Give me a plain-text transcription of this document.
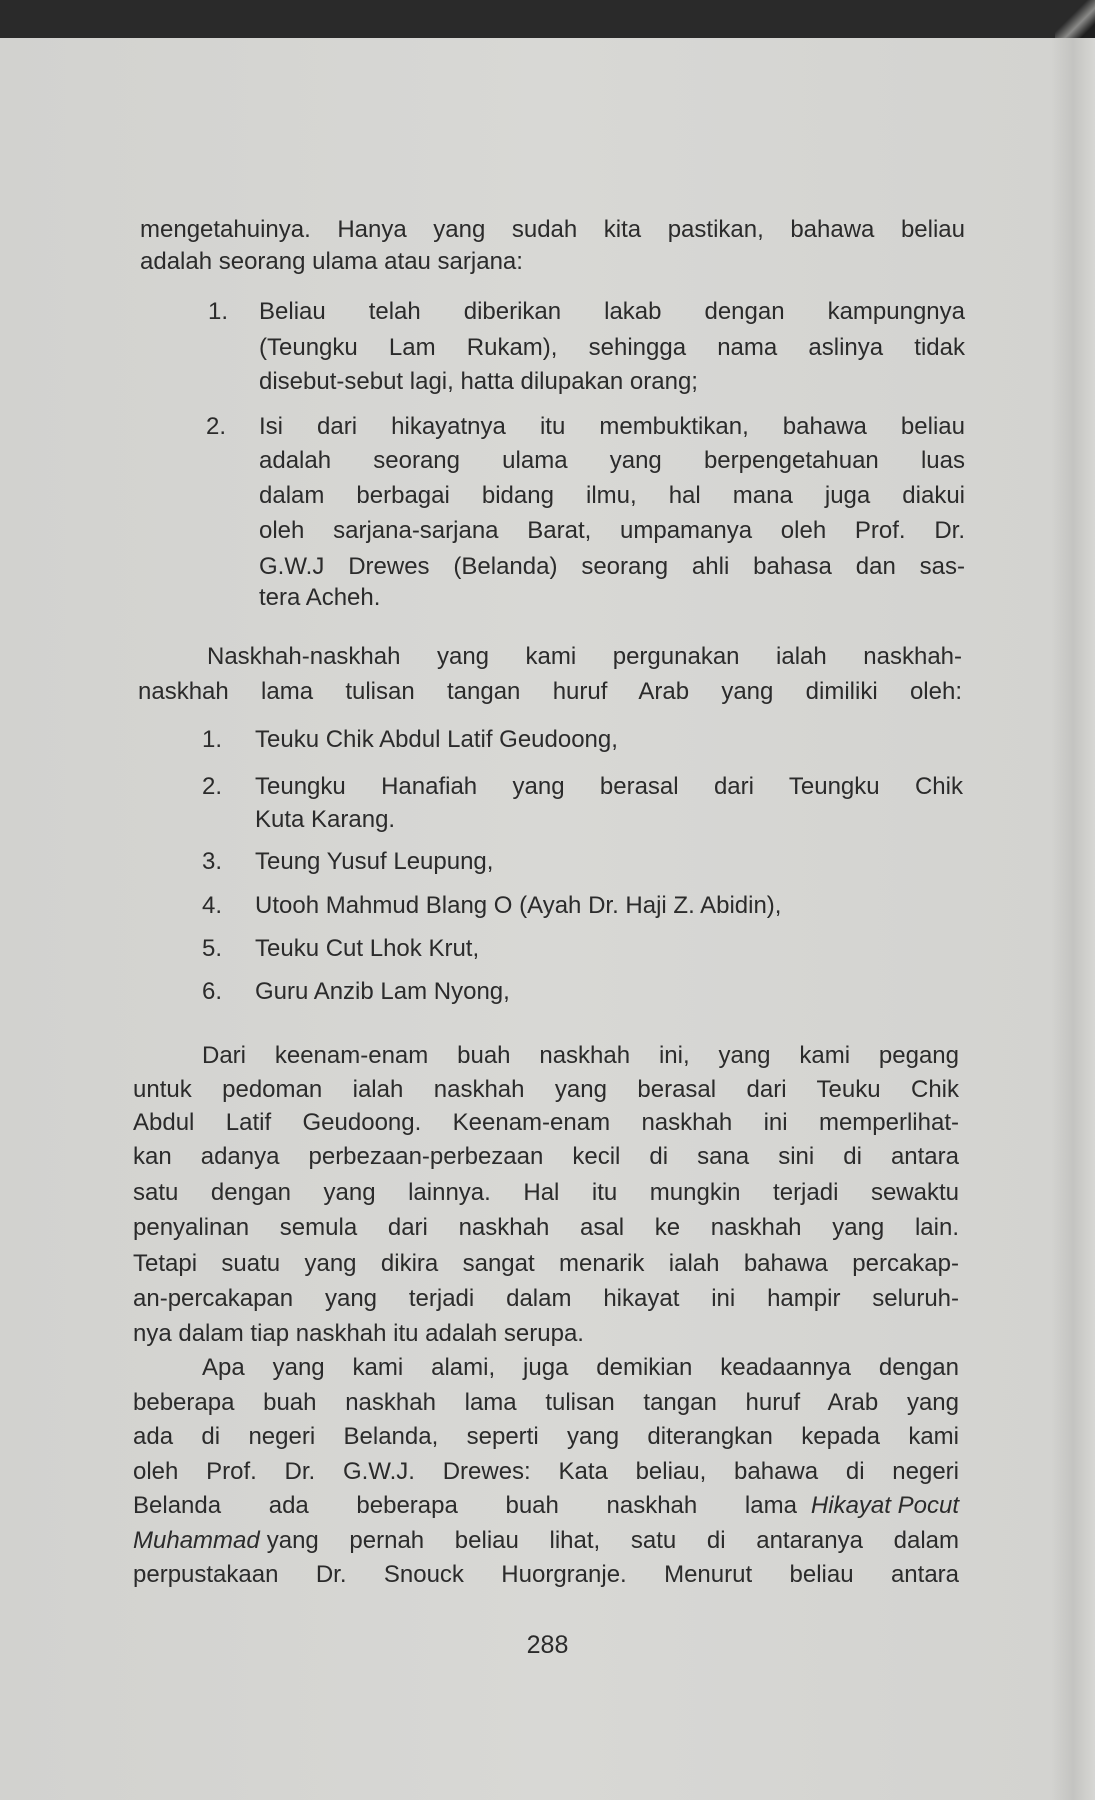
mengetahuinya. Hanya yang sudah kita pastikan, bahawa beliau
adalah seorang ulama atau sarjana:
1. Beliau telah diberikan lakab dengan kampungnya
(Teungku Lam Rukam), sehingga nama aslinya tidak
disebut-sebut lagi, hatta dilupakan orang;
2. Isi dari hikayatnya itu membuktikan, bahawa beliau
adalah seorang ulama yang berpengetahuan luas
dalam berbagai bidang ilmu, hal mana juga diakui
oleh sarjana-sarjana Barat, umpamanya oleh Prof. Dr.
G.W.J Drewes (Belanda) seorang ahli bahasa dan sas-
tera Acheh.
Naskhah-naskhah yang kami pergunakan ialah naskhah-
naskhah lama tulisan tangan huruf Arab yang dimiliki oleh:
1. Teuku Chik Abdul Latif Geudoong,
2. Teungku Hanafiah yang berasal dari Teungku Chik
Kuta Karang.
3. Teung Yusuf Leupung,
4. Utooh Mahmud Blang O (Ayah Dr. Haji Z. Abidin),
5. Teuku Cut Lhok Krut,
6. Guru Anzib Lam Nyong,
Dari keenam-enam buah naskhah ini, yang kami pegang
untuk pedoman ialah naskhah yang berasal dari Teuku Chik
Abdul Latif Geudoong. Keenam-enam naskhah ini memperlihat-
kan adanya perbezaan-perbezaan kecil di sana sini di antara
satu dengan yang lainnya. Hal itu mungkin terjadi sewaktu
penyalinan semula dari naskhah asal ke naskhah yang lain.
Tetapi suatu yang dikira sangat menarik ialah bahawa percakap-
an-percakapan yang terjadi dalam hikayat ini hampir seluruh-
nya dalam tiap naskhah itu adalah serupa.
Apa yang kami alami, juga demikian keadaannya dengan
beberapa buah naskhah lama tulisan tangan huruf Arab yang
ada di negeri Belanda, seperti yang diterangkan kepada kami
oleh Prof. Dr. G.W.J. Drewes: Kata beliau, bahawa di negeri
Belanda ada beberapa buah naskhah lama Hikayat Pocut
Muhammad yang pernah beliau lihat, satu di antaranya dalam
perpustakaan Dr. Snouck Huorgranje. Menurut beliau antara
288
